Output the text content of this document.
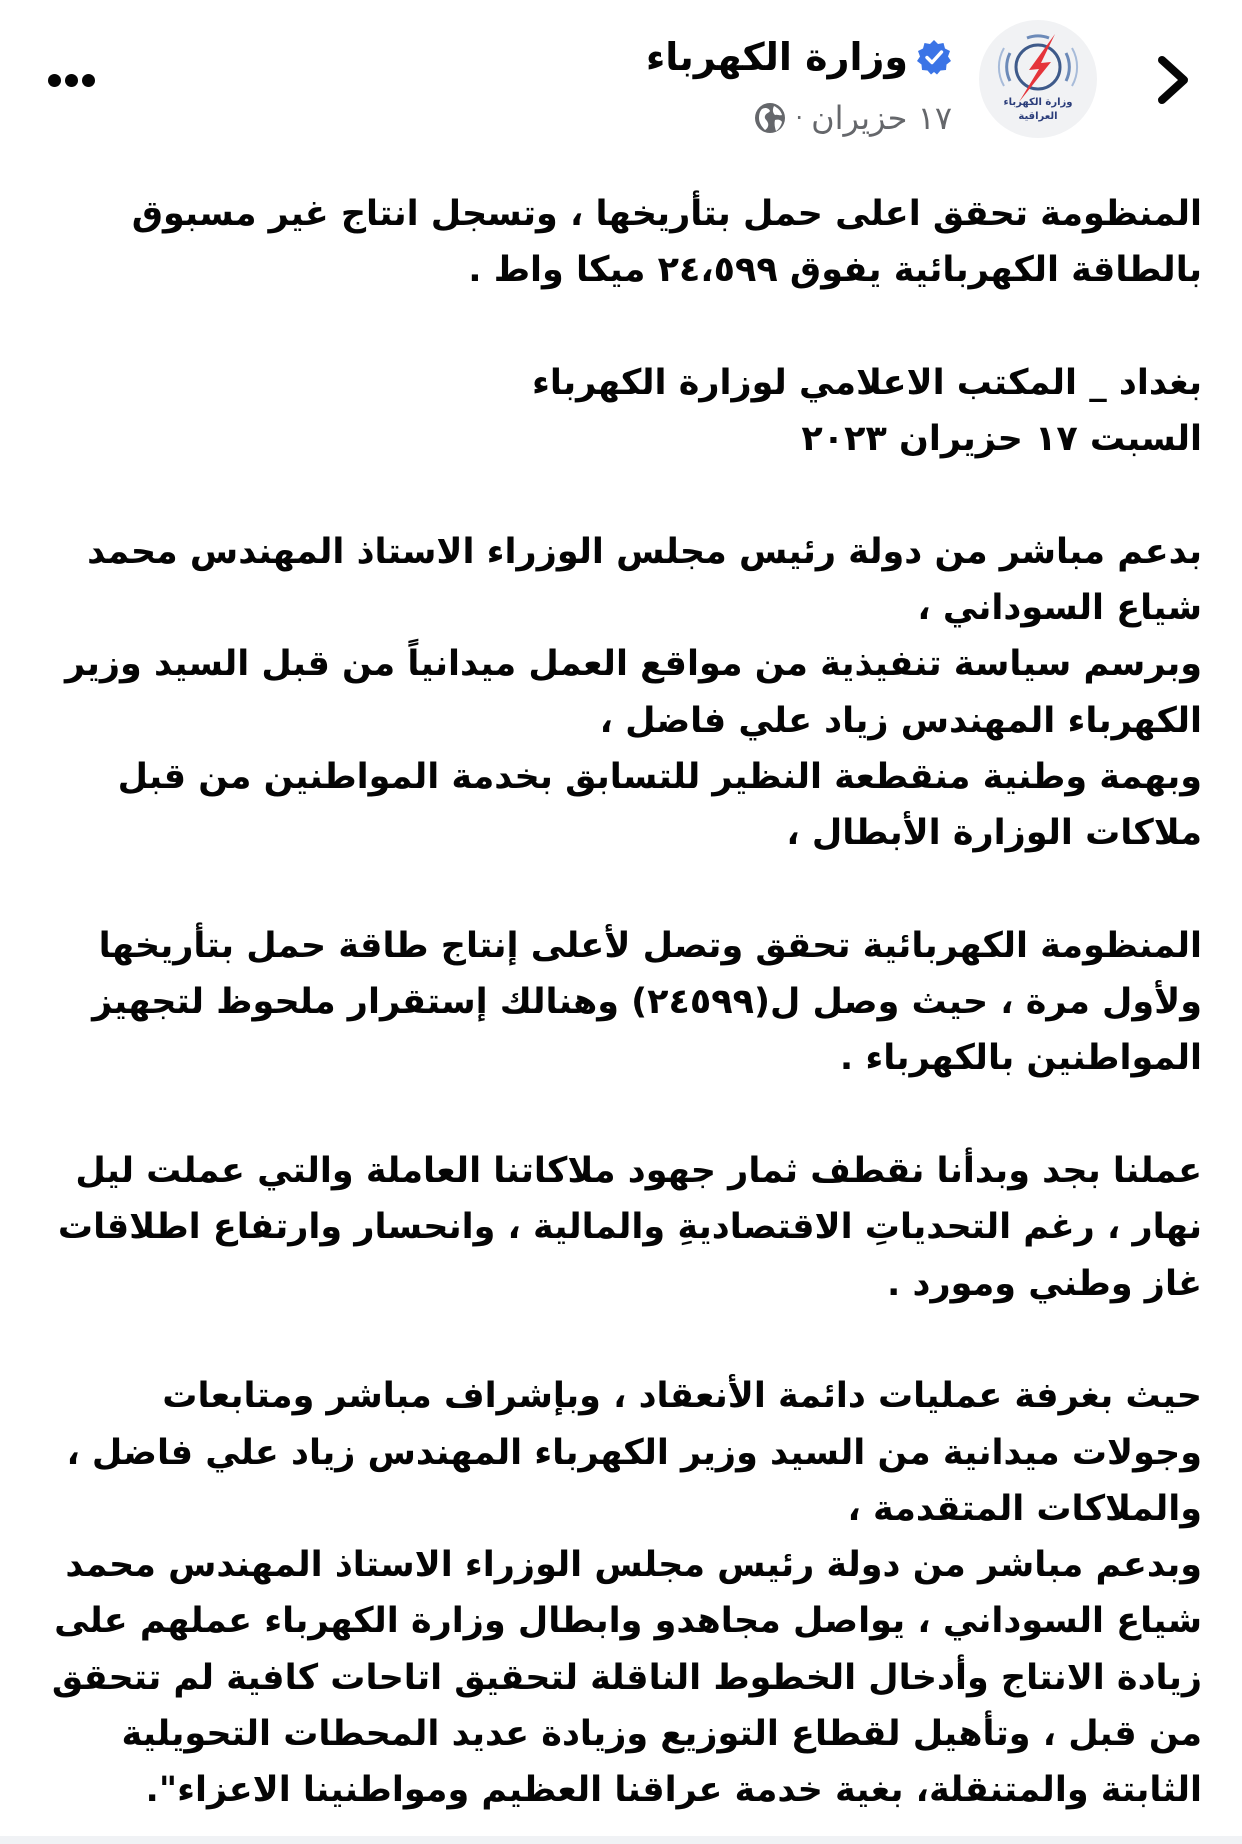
وزارة الكهرباء
العراقية
وزارة الكهرباء
١٧ حزيران
·

المنظومة تحقق اعلى حمل بتأريخها ، وتسجل انتاج غير مسبوق
بالطاقة الكهربائية يفوق ٢٤،٥٩٩ ميكا واط .

بغداد _ المكتب الاعلامي لوزارة الكهرباء
السبت ١٧ حزيران ٢٠٢٣

بدعم مباشر من دولة رئيس مجلس الوزراء الاستاذ المهندس محمد
شياع السوداني ،
وبرسم سياسة تنفيذية من مواقع العمل ميدانياً من قبل السيد وزير
الكهرباء المهندس زياد علي فاضل ،
وبهمة وطنية منقطعة النظير للتسابق بخدمة المواطنين من قبل
ملاكات الوزارة الأبطال ،

المنظومة الكهربائية تحقق وتصل لأعلى إنتاج طاقة حمل بتأريخها
ولأول مرة ، حيث وصل ل(٢٤٥٩٩) وهنالك إستقرار ملحوظ لتجهيز
المواطنين بالكهرباء .

عملنا بجد وبدأنا نقطف ثمار جهود ملاكاتنا العاملة والتي عملت ليل
نهار ، رغم التحدياتِ الاقتصاديةِ والمالية ، وانحسار وارتفاع اطلاقات
غاز وطني ومورد .

حيث بغرفة عمليات دائمة الأنعقاد ، وبإشراف مباشر ومتابعات
وجولات ميدانية من السيد وزير الكهرباء المهندس زياد علي فاضل ،
والملاكات المتقدمة ،

وبدعم مباشر من دولة رئيس مجلس الوزراء الاستاذ المهندس محمد
شياع السوداني ، يواصل مجاهدو وابطال وزارة الكهرباء عملهم على
زيادة الانتاج وأدخال الخطوط الناقلة لتحقيق اتاحات كافية لم تتحقق
من قبل ، وتأهيل لقطاع التوزيع وزيادة عديد المحطات التحويلية
الثابتة والمتنقلة، بغية خدمة عراقنا العظيم ومواطنينا الاعزاء".
